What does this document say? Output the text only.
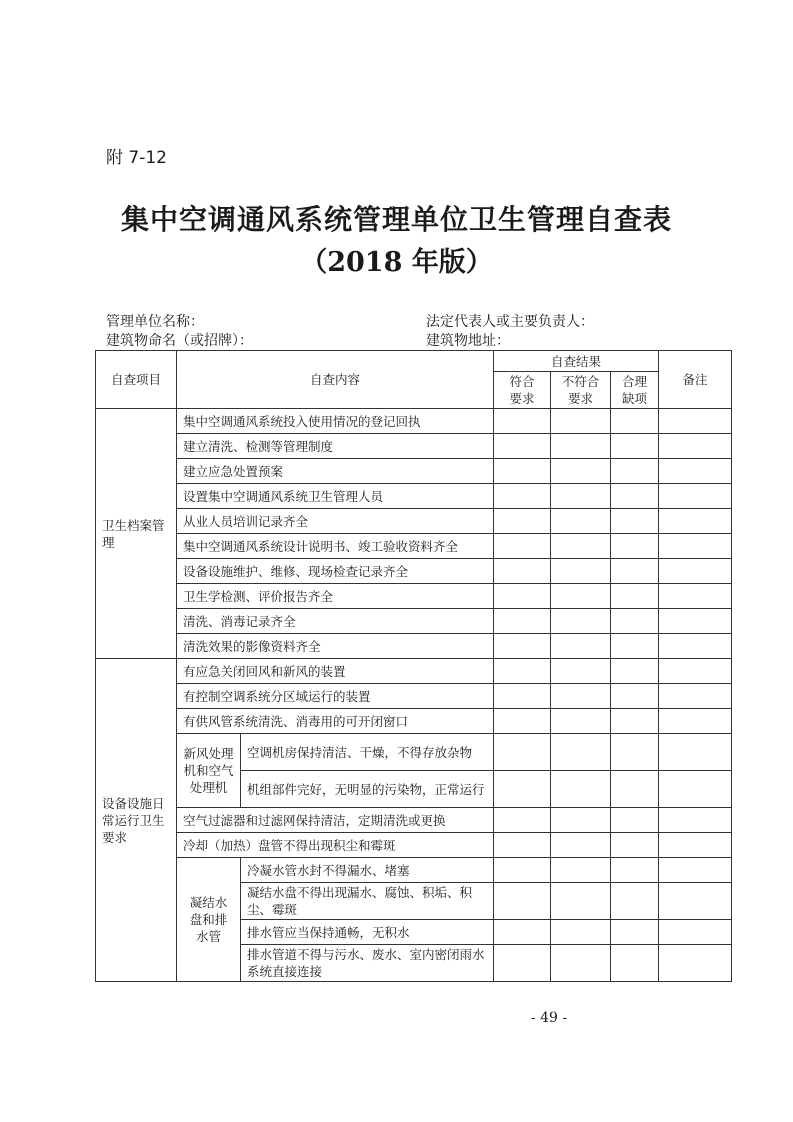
附 7-12
集中空调通风系统管理单位卫生管理自查表
（2018 年版）
管理单位名称：	法定代表人或主要负责人：
建筑物命名（或招牌）：	建筑物地址：
自查项目	自查内容		自查结果			备注
			符合要求	不符合要求	合理缺项	
卫生档案管理	集中空调通风系统投入使用情况的登记回执					
	建立清洗、检测等管理制度					
	建立应急处置预案					
	设置集中空调通风系统卫生管理人员					
	从业人员培训记录齐全					
	集中空调通风系统设计说明书、竣工验收资料齐全					
	设备设施维护、维修、现场检查记录齐全					
	卫生学检测、评价报告齐全					
	清洗、消毒记录齐全					
	清洗效果的影像资料齐全					
设备设施日常运行卫生要求	有应急关闭回风和新风的装置					
	有控制空调系统分区域运行的装置					
	有供风管系统清洗、消毒用的可开闭窗口					
	新风处理机和空气处理机	空调机房保持清洁、干燥，不得存放杂物				
		机组部件完好，无明显的污染物，正常运行				
	空气过滤器和过滤网保持清洁，定期清洗或更换					
	冷却（加热）盘管不得出现积尘和霉斑					
	凝结水盘和排水管	冷凝水管水封不得漏水、堵塞				
		凝结水盘不得出现漏水、腐蚀、积垢、积尘、霉斑				
		排水管应当保持通畅，无积水				
		排水管道不得与污水、废水、室内密闭雨水系统直接连接				
- 49 -
